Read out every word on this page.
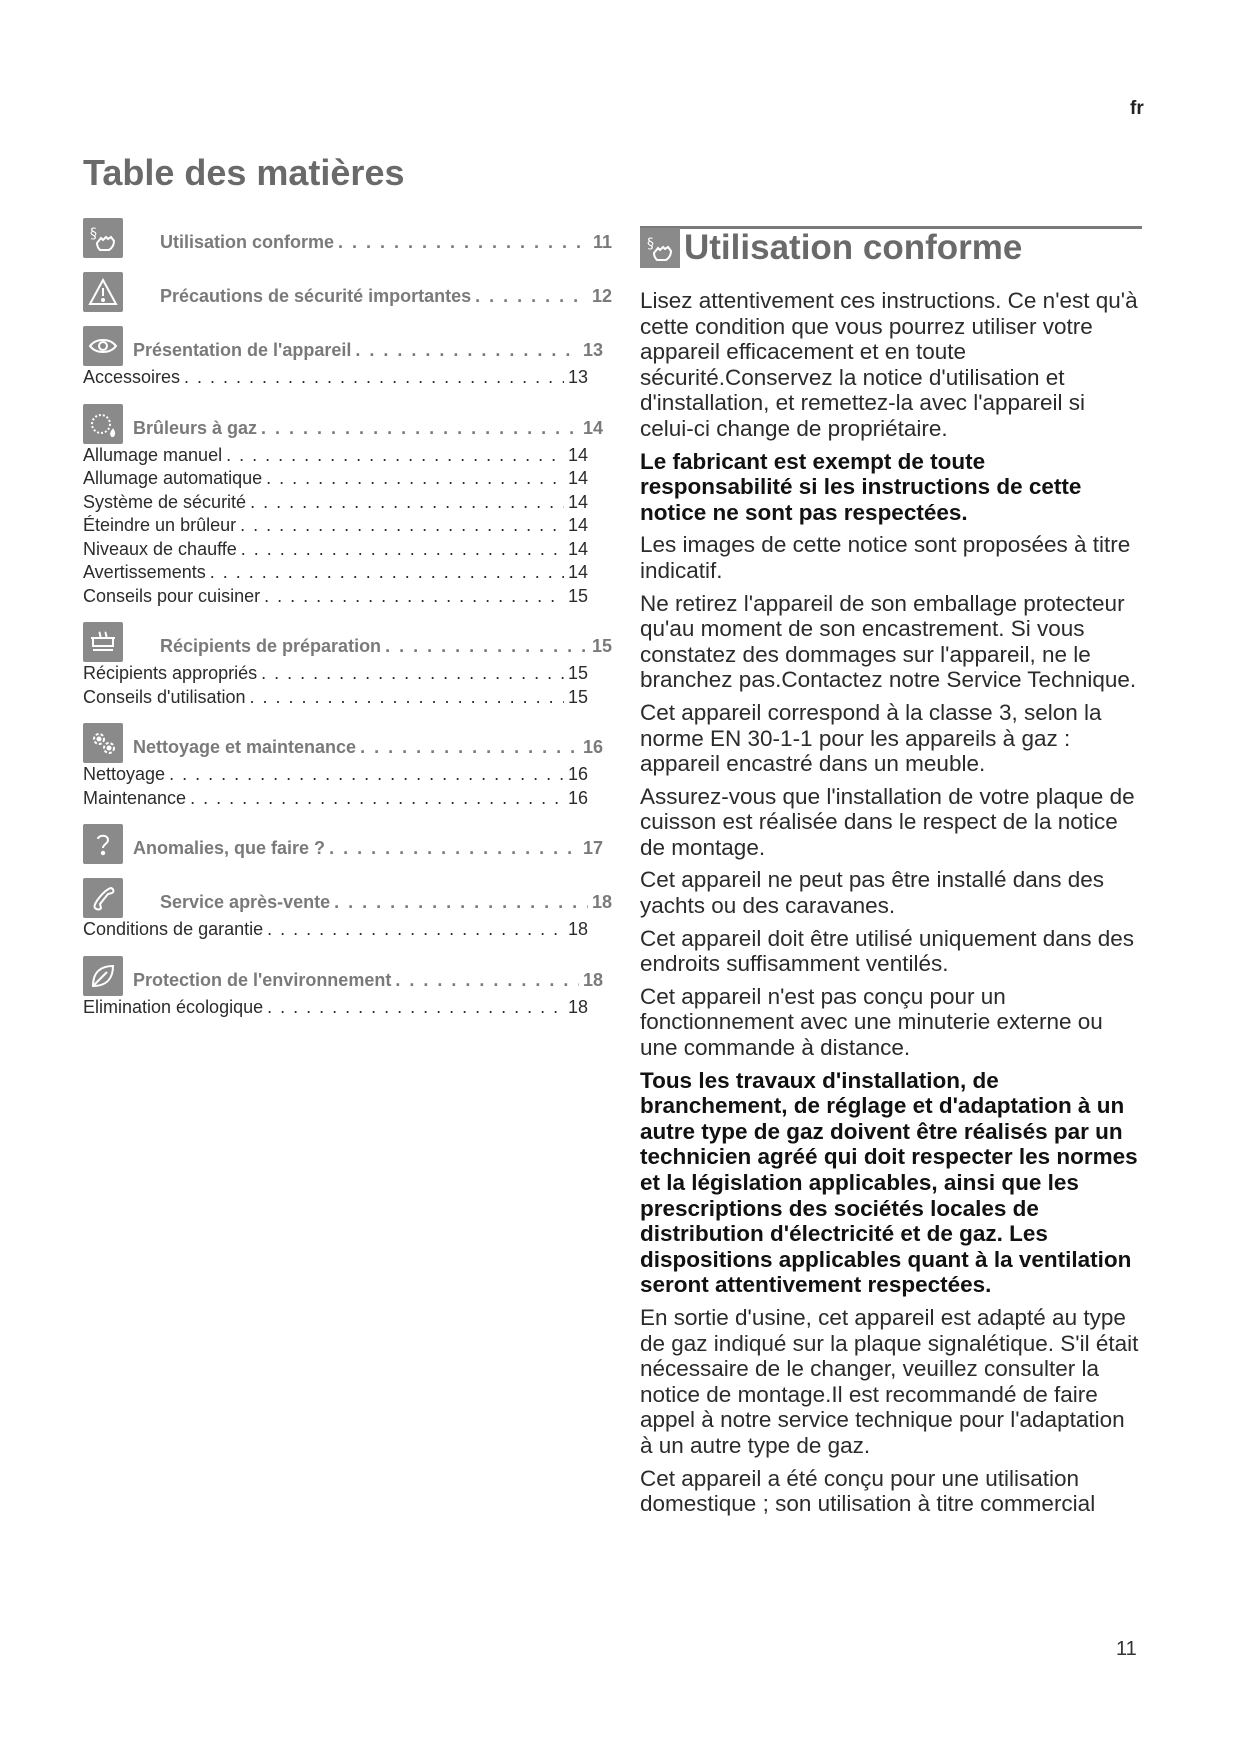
fr
Table des matières
§	Utilisation conforme . . .	11
Précautions de sécurité importantes . . .	12
Présentation de l'appareil . . .	13
Accessoires . . .	13
Brûleurs à gaz . . .	14
Allumage manuel . . .	14
Allumage automatique . . .	14
Système de sécurité . . .	14
Éteindre un brûleur . . .	14
Niveaux de chauffe . . .	14
Avertissements . . .	14
Conseils pour cuisiner . . .	15
Récipients de préparation . . .	15
Récipients appropriés . . .	15
Conseils d'utilisation . . .	15
Nettoyage et maintenance . . .	16
Nettoyage . . .	16
Maintenance . . .	16
Anomalies, que faire ? . . .	17
Service après-vente . . .	18
Conditions de garantie . . .	18
Protection de l'environnement . . .	18
Elimination écologique . . .	18
§ Utilisation conforme

Lisez attentivement ces instructions. Ce n'est qu'à cette condition que vous pourrez utiliser votre appareil efficacement et en toute sécurité.Conservez la notice d'utilisation et d'installation, et remettez-la avec l'appareil si celui-ci change de propriétaire.

Le fabricant est exempt de toute responsabilité si les instructions de cette notice ne sont pas respectées.

Les images de cette notice sont proposées à titre indicatif.

Ne retirez l'appareil de son emballage protecteur qu'au moment de son encastrement. Si vous constatez des dommages sur l'appareil, ne le branchez pas.Contactez notre Service Technique.

Cet appareil correspond à la classe 3, selon la norme EN 30-1-1 pour les appareils à gaz : appareil encastré dans un meuble.

Assurez-vous que l'installation de votre plaque de cuisson est réalisée dans le respect de la notice de montage.

Cet appareil ne peut pas être installé dans des yachts ou des caravanes.

Cet appareil doit être utilisé uniquement dans des endroits suffisamment ventilés.

Cet appareil n'est pas conçu pour un fonctionnement avec une minuterie externe ou une commande à distance.

Tous les travaux d'installation, de branchement, de réglage et d'adaptation à un autre type de gaz doivent être réalisés par un technicien agréé qui doit respecter les normes et la législation applicables, ainsi que les prescriptions des sociétés locales de distribution d'électricité et de gaz. Les dispositions applicables quant à la ventilation seront attentivement respectées.

En sortie d'usine, cet appareil est adapté au type de gaz indiqué sur la plaque signalétique. S'il était nécessaire de le changer, veuillez consulter la notice de montage.Il est recommandé de faire appel à notre service technique pour l'adaptation à un autre type de gaz.

Cet appareil a été conçu pour une utilisation domestique ; son utilisation à titre commercial

11
